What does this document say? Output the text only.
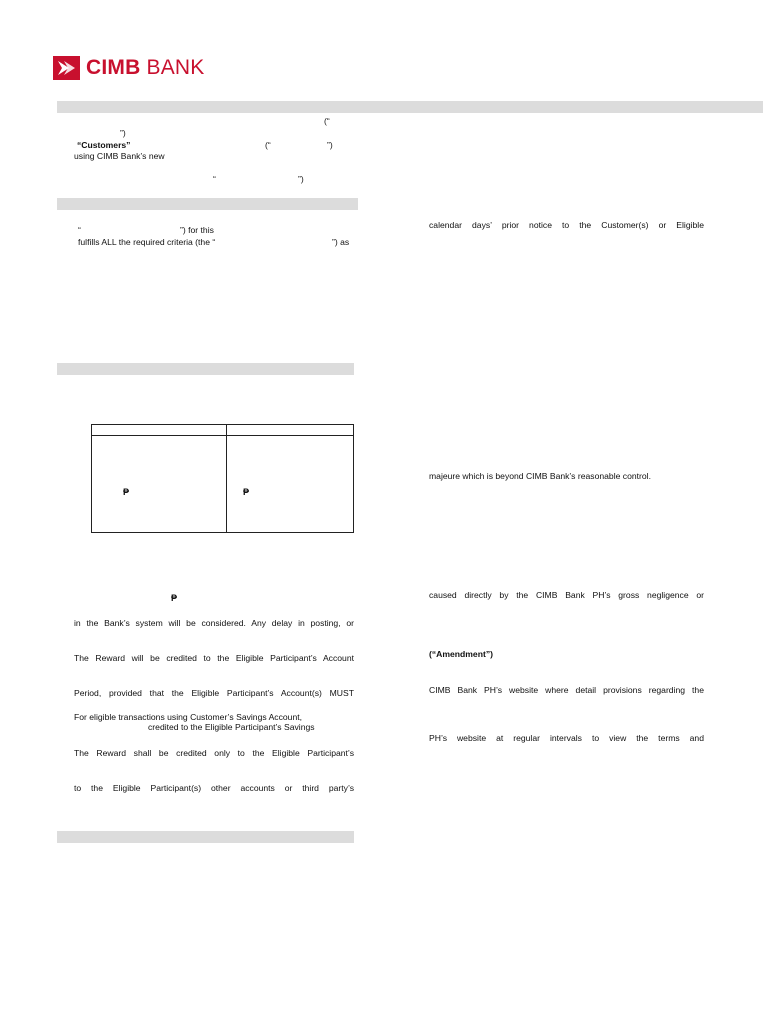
CIMB BANK
(“
”)
“Customers”	(“	”)
using CIMB Bank’s new
“	”)
“	”) for this
fulfills ALL the required criteria (the “	”) as

₱	₱
₱
in the Bank’s system will be considered. Any delay in posting, or
The Reward will be credited to the Eligible Participant’s Account
Period, provided that the Eligible Participant’s Account(s) MUST
For eligible transactions using Customer’s Savings Account,
credited to the Eligible Participant’s Savings
The Reward shall be credited only to the Eligible Participant’s
to the Eligible Participant(s) other accounts or third party’s
calendar days’ prior notice to the Customer(s) or Eligible
majeure which is beyond CIMB Bank’s reasonable control.
caused directly by the CIMB Bank PH’s gross negligence or
(“Amendment”)
CIMB Bank PH’s website where detail provisions regarding the
PH’s website at regular intervals to view the terms and
